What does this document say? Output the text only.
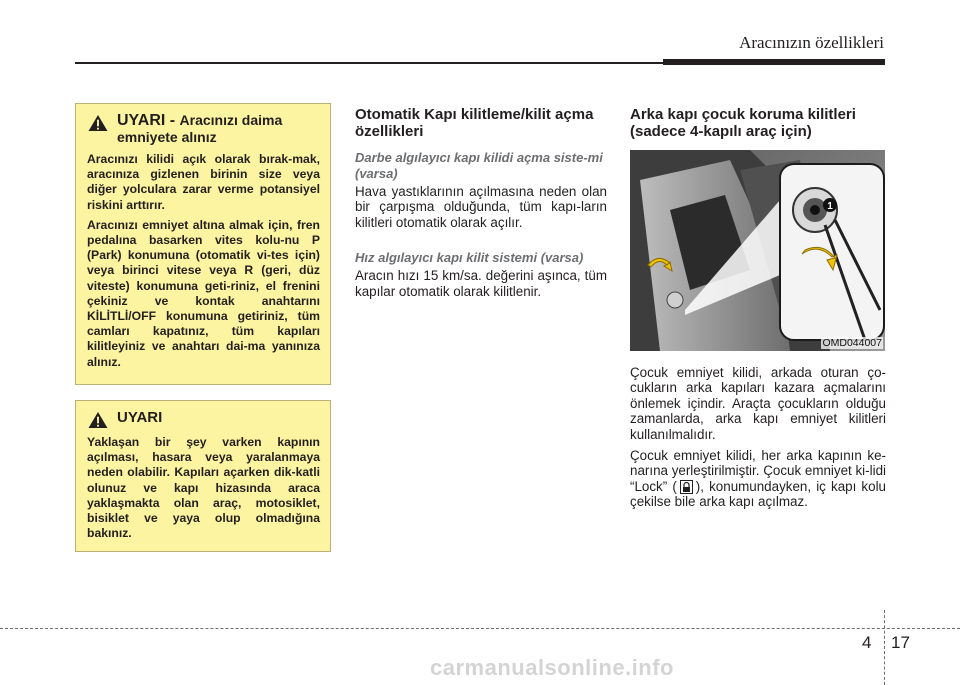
Aracınızın özellikleri
UYARI - Aracınızı daima
emniyete alınız

Aracınızı kilidi açık olarak bırak-mak, aracınıza gizlenen birinin size veya diğer yolculara zarar verme potansiyel riskini arttırır.

Aracınızı emniyet altına almak için, fren pedalına basarken vites kolu-nu P (Park) konumuna (otomatik vi-tes için) veya birinci vitese veya R (geri, düz viteste) konumuna geti-riniz, el frenini çekiniz ve kontak anahtarını KİLİTLİ/OFF konumuna getiriniz, tüm camları kapatınız, tüm kapıları kilitleyiniz ve anahtarı dai-ma yanınıza alınız.

UYARI

Yaklaşan bir şey varken kapının açılması, hasara veya yaralanmaya neden olabilir. Kapıları açarken dik-katli olunuz ve kapı hizasında araca yaklaşmakta olan araç, motosiklet, bisiklet ve yaya olup olmadığına bakınız.

Otomatik Kapı kilitleme/kilit açma özellikleri
Darbe algılayıcı kapı kilidi açma siste-mi (varsa)

Hava yastıklarının açılmasına neden olan bir çarpışma olduğunda, tüm kapı-ların kilitleri otomatik olarak açılır.

Hız algılayıcı kapı kilit sistemi (varsa)

Aracın hızı 15 km/sa. değerini aşınca, tüm kapılar otomatik olarak kilitlenir.

Arka kapı çocuk koruma kilitleri (sadece 4-kapılı araç için)
1
OMD044007

Çocuk emniyet kilidi, arkada oturan ço-cukların arka kapıları kazara açmalarını önlemek içindir. Araçta çocukların olduğu zamanlarda, arka kapı emniyet kilitleri kullanılmalıdır.

Çocuk emniyet kilidi, her arka kapının ke-narına yerleştirilmiştir. Çocuk emniyet ki-lidi “Lock” ( ), konumundayken, iç kapı kolu çekilse bile arka kapı açılmaz.

4 17
carmanualsonline.info
